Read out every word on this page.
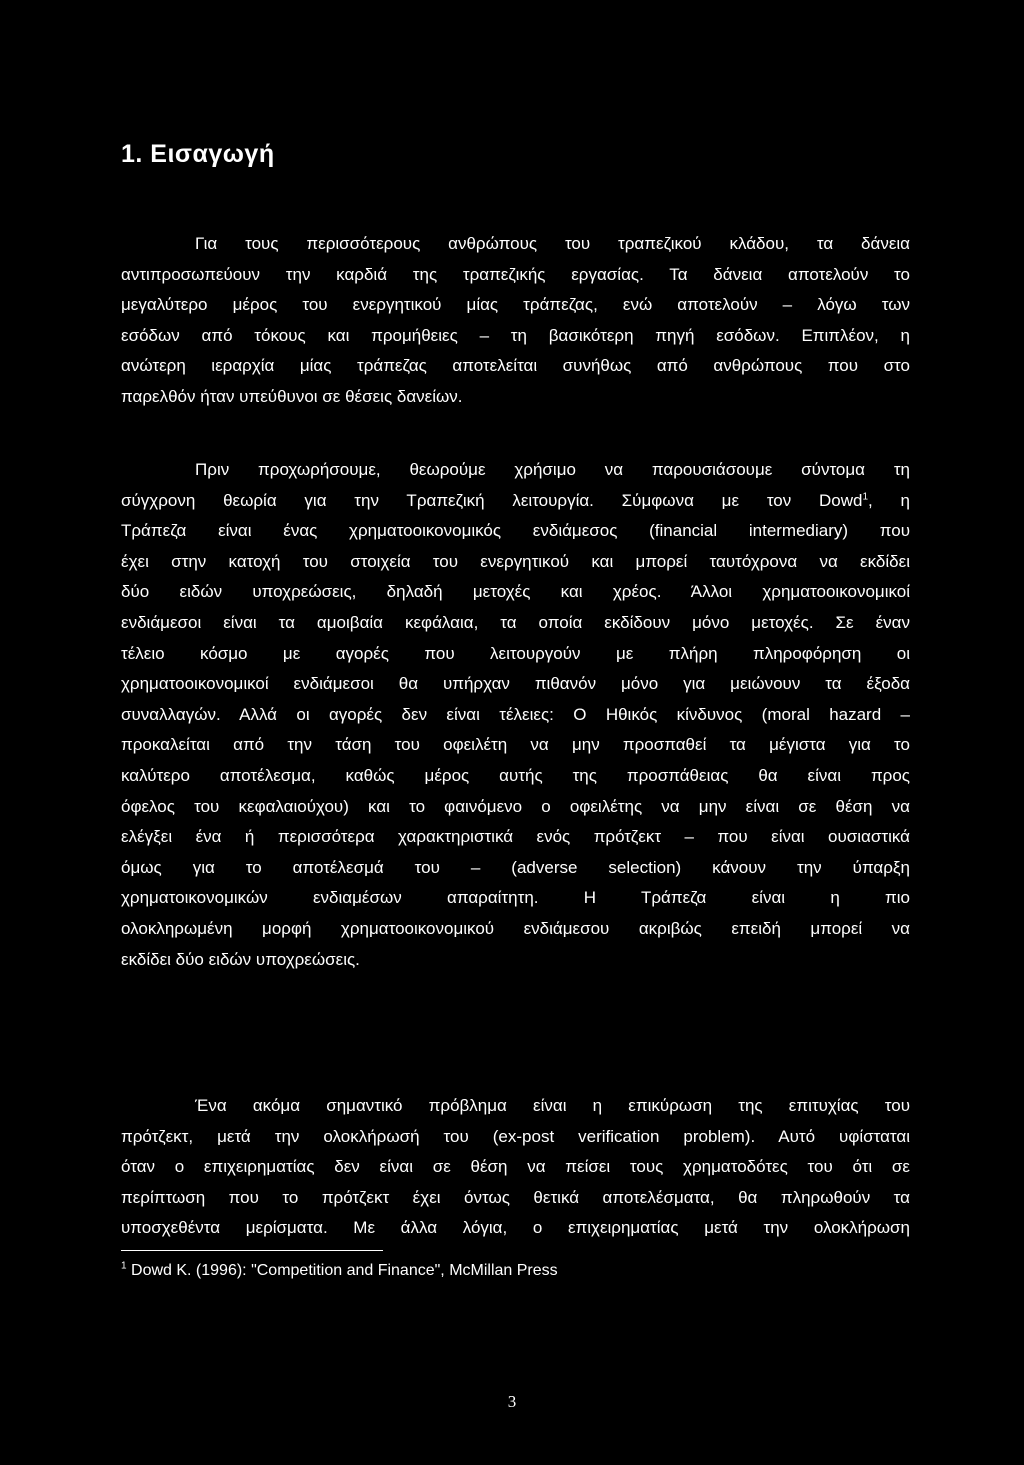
1. Εισαγωγή
Για τους περισσότερους ανθρώπους του τραπεζικού κλάδου, τα δάνεια
αντιπροσωπεύουν την καρδιά της τραπεζικής εργασίας. Τα δάνεια αποτελούν το
μεγαλύτερο μέρος του ενεργητικού μίας τράπεζας, ενώ αποτελούν – λόγω των
εσόδων από τόκους και προμήθειες – τη βασικότερη πηγή εσόδων. Επιπλέον, η
ανώτερη ιεραρχία μίας τράπεζας αποτελείται συνήθως από ανθρώπους που στο
παρελθόν ήταν υπεύθυνοι σε θέσεις δανείων.
Πριν προχωρήσουμε, θεωρούμε χρήσιμο να παρουσιάσουμε σύντομα τη
σύγχρονη θεωρία για την Τραπεζική λειτουργία. Σύμφωνα με τον Dowd$^1$, η
Τράπεζα είναι ένας χρηματοοικονομικός ενδιάμεσος (financial intermediary) που
έχει στην κατοχή του στοιχεία του ενεργητικού και μπορεί ταυτόχρονα να εκδίδει
δύο ειδών υποχρεώσεις, δηλαδή μετοχές και χρέος. Άλλοι χρηματοοικονομικοί
ενδιάμεσοι είναι τα αμοιβαία κεφάλαια, τα οποία εκδίδουν μόνο μετοχές. Σε έναν
τέλειο κόσμο με αγορές που λειτουργούν με πλήρη πληροφόρηση οι
χρηματοοικονομικοί ενδιάμεσοι θα υπήρχαν πιθανόν μόνο για μειώνουν τα έξοδα
συναλλαγών. Αλλά οι αγορές δεν είναι τέλειες: Ο Ηθικός κίνδυνος (moral hazard –
προκαλείται από την τάση του οφειλέτη να μην προσπαθεί τα μέγιστα για το
καλύτερο αποτέλεσμα, καθώς μέρος αυτής της προσπάθειας θα είναι προς
όφελος του κεφαλαιούχου) και το φαινόμενο ο οφειλέτης να μην είναι σε θέση να
ελέγξει ένα ή περισσότερα χαρακτηριστικά ενός πρότζεκτ – που είναι ουσιαστικά
όμως για το αποτέλεσμά του – (adverse selection) κάνουν την ύπαρξη
χρηματοικονομικών ενδιαμέσων απαραίτητη. Η Τράπεζα είναι η πιο
ολοκληρωμένη μορφή χρηματοοικονομικού ενδιάμεσου ακριβώς επειδή μπορεί να
εκδίδει δύο ειδών υποχρεώσεις.
Ένα ακόμα σημαντικό πρόβλημα είναι η επικύρωση της επιτυχίας του
πρότζεκτ, μετά την ολοκλήρωσή του (ex-post verification problem). Αυτό υφίσταται
όταν ο επιχειρηματίας δεν είναι σε θέση να πείσει τους χρηματοδότες του ότι σε
περίπτωση που το πρότζεκτ έχει όντως θετικά αποτελέσματα, θα πληρωθούν τα
υποσχεθέντα μερίσματα. Με άλλα λόγια, ο επιχειρηματίας μετά την ολοκλήρωση
$^1$ Dowd K. (1996): "Competition and Finance", McMillan Press
3
